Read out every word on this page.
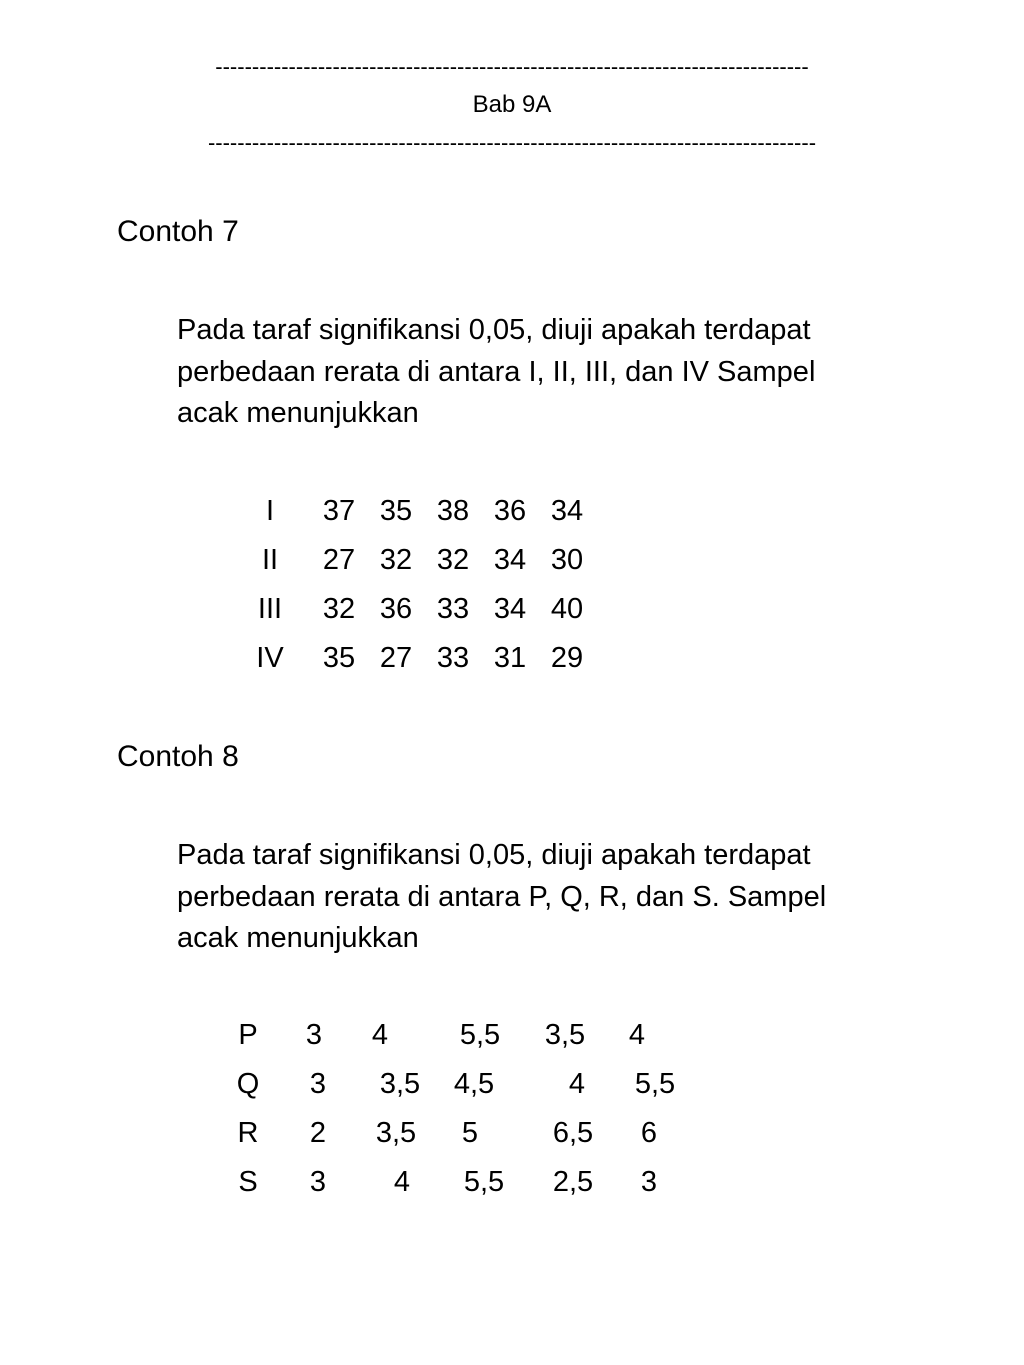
---------------------------------------------------------------------------------
Bab 9A
-----------------------------------------------------------------------------------
Contoh 7

Pada taraf signifikansi 0,05, diuji apakah terdapat

perbedaan rerata di antara I, II, III, dan IV Sampel

acak menunjukkan

I	37 35 38 36 34
II	27 32 32 34 30
III 32 36 33 34 40
IV 35 27 33 31 29
Contoh 8

Pada taraf signifikansi 0,05, diuji apakah terdapat

perbedaan rerata di antara P, Q, R, dan S. Sampel

acak menunjukkan

P	3	4	5,5 3,5	4
Q	3	3,5 4,5	4	5,5
R	2	3,5	5	6,5	6
S	3	4	5,5 2,5	3
